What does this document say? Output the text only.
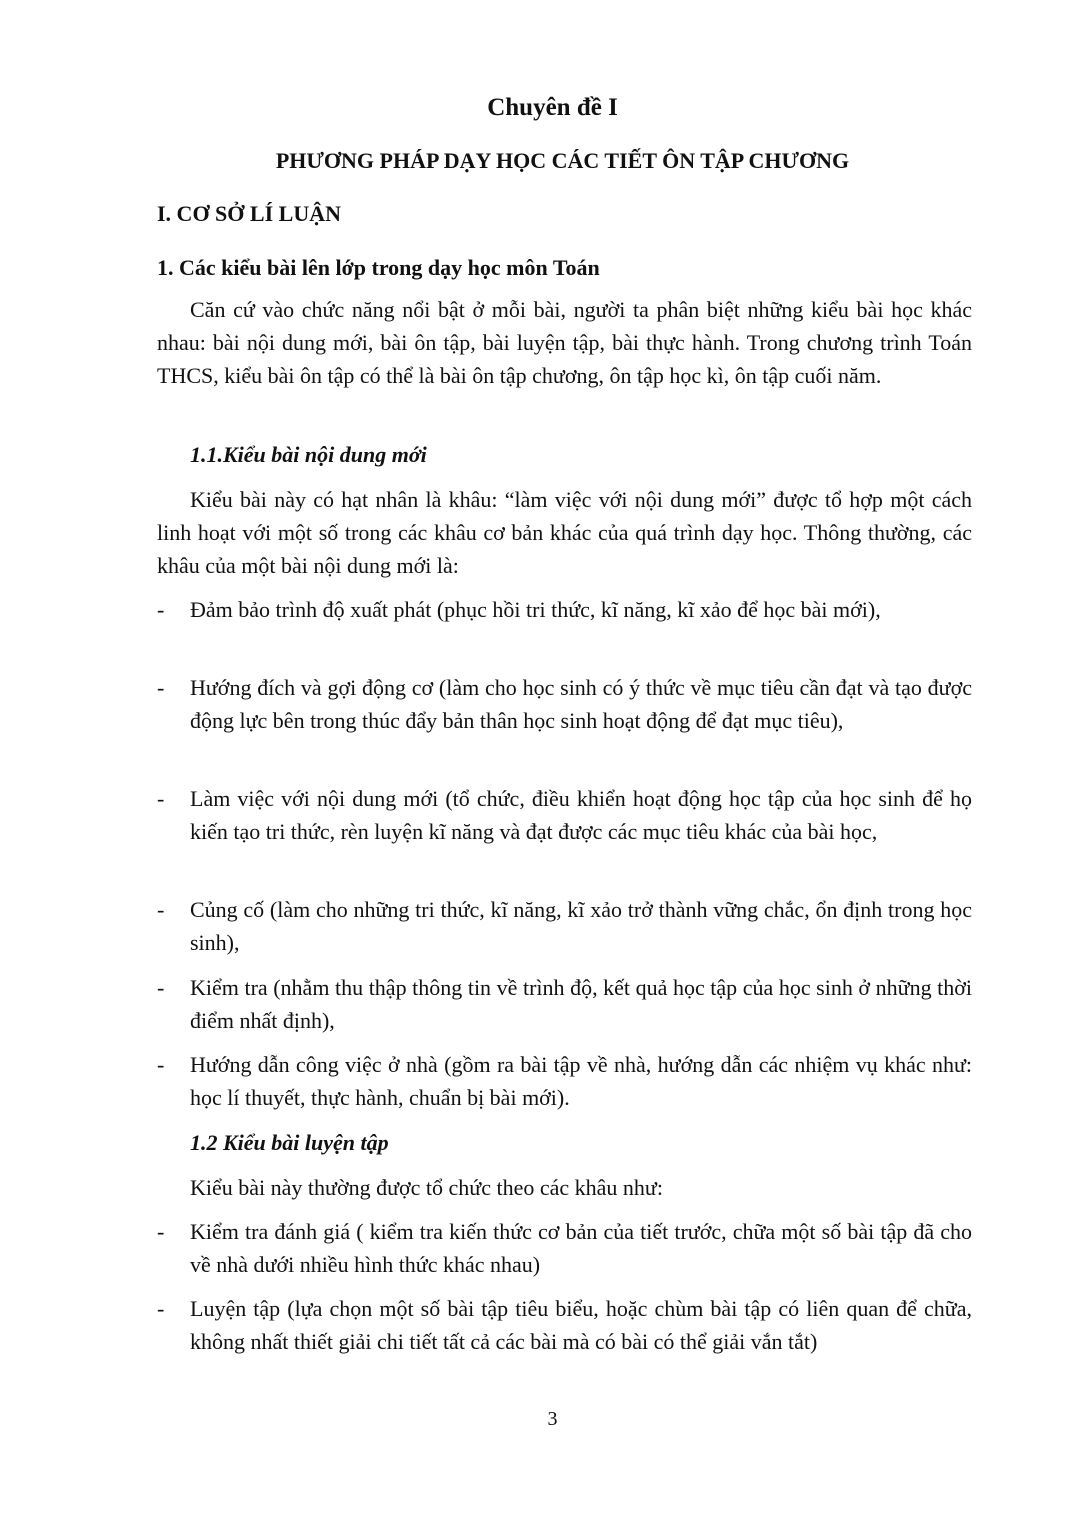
Chuyên đề I

PHƯƠNG PHÁP DẠY HỌC CÁC TIẾT ÔN TẬP CHƯƠNG

I. CƠ SỞ LÍ LUẬN

1. Các kiểu bài lên lớp trong dạy học môn Toán

Căn cứ vào chức năng nổi bật ở mỗi bài, người ta phân biệt những kiểu bài học khác nhau: bài nội dung mới, bài ôn tập, bài luyện tập, bài thực hành. Trong chương trình Toán THCS, kiểu bài ôn tập có thể là bài ôn tập chương, ôn tập học kì, ôn tập cuối năm.

1.1.Kiểu bài nội dung mới

Kiểu bài này có hạt nhân là khâu: “làm việc với nội dung mới” được tổ hợp một cách linh hoạt với một số trong các khâu cơ bản khác của quá trình dạy học. Thông thường, các khâu của một bài nội dung mới là:

- Đảm bảo trình độ xuất phát (phục hồi tri thức, kĩ năng, kĩ xảo để học bài mới),
- Hướng đích và gợi động cơ (làm cho học sinh có ý thức về mục tiêu cần đạt và tạo được động lực bên trong thúc đẩy bản thân học sinh hoạt động để đạt mục tiêu),
- Làm việc với nội dung mới (tổ chức, điều khiển hoạt động học tập của học sinh để họ kiến tạo tri thức, rèn luyện kĩ năng và đạt được các mục tiêu khác của bài học,
- Củng cố (làm cho những tri thức, kĩ năng, kĩ xảo trở thành vững chắc, ổn định trong học sinh),
- Kiểm tra (nhằm thu thập thông tin về trình độ, kết quả học tập của học sinh ở những thời điểm nhất định),
- Hướng dẫn công việc ở nhà (gồm ra bài tập về nhà, hướng dẫn các nhiệm vụ khác như: học lí thuyết, thực hành, chuẩn bị bài mới).

1.2 Kiểu bài luyện tập

Kiểu bài này thường được tổ chức theo các khâu như:

- Kiểm tra đánh giá ( kiểm tra kiến thức cơ bản của tiết trước, chữa một số bài tập đã cho về nhà dưới nhiều hình thức khác nhau)
- Luyện tập (lựa chọn một số bài tập tiêu biểu, hoặc chùm bài tập có liên quan để chữa, không nhất thiết giải chi tiết tất cả các bài mà có bài có thể giải vắn tắt)

3
